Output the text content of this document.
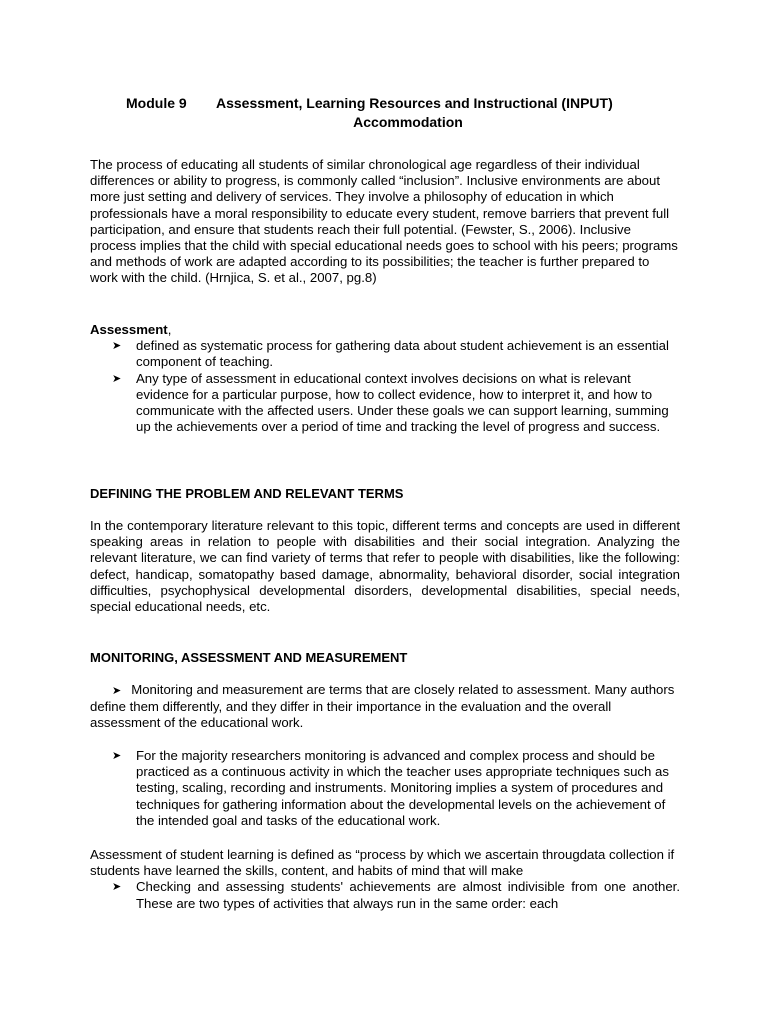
Module 9 Assessment, Learning Resources and Instructional (INPUT)
Accommodation

The process of educating all students of similar chronological age regardless of their individual differences or ability to progress, is commonly called “inclusion”. Inclusive environments are about more just setting and delivery of services. They involve a philosophy of education in which professionals have a moral responsibility to educate every student, remove barriers that prevent full participation, and ensure that students reach their full potential. (Fewster, S., 2006). Inclusive process implies that the child with special educational needs goes to school with his peers; programs and methods of work are adapted according to its possibilities; the teacher is further prepared to work with the child. (Hrnjica, S. et al., 2007, pg.8)

Assessment,

➤ defined as systematic process for gathering data about student achievement is an essential component of teaching.
➤ Any type of assessment in educational context involves decisions on what is relevant evidence for a particular purpose, how to collect evidence, how to interpret it, and how to communicate with the affected users. Under these goals we can support learning, summing up the achievements over a period of time and tracking the level of progress and success.

DEFINING THE PROBLEM AND RELEVANT TERMS

In the contemporary literature relevant to this topic, different terms and concepts are used in different speaking areas in relation to people with disabilities and their social integration. Analyzing the relevant literature, we can find variety of terms that refer to people with disabilities, like the following: defect, handicap, somatopathy based damage, abnormality, behavioral disorder, social integration difficulties, psychophysical developmental disorders, developmental disabilities, special needs, special educational needs, etc.

MONITORING, ASSESSMENT AND MEASUREMENT

➤ Monitoring and measurement are terms that are closely related to assessment. Many authors define them differently, and they differ in their importance in the evaluation and the overall assessment of the educational work.

➤ For the majority researchers monitoring is advanced and complex process and should be practiced as a continuous activity in which the teacher uses appropriate techniques such as testing, scaling, recording and instruments. Monitoring implies a system of procedures and techniques for gathering information about the developmental levels on the achievement of the intended goal and tasks of the educational work.

Assessment of student learning is defined as “process by which we ascertain througdata collection if students have learned the skills, content, and habits of mind that will make

➤ Checking and assessing students' achievements are almost indivisible from one another. These are two types of activities that always run in the same order: each
